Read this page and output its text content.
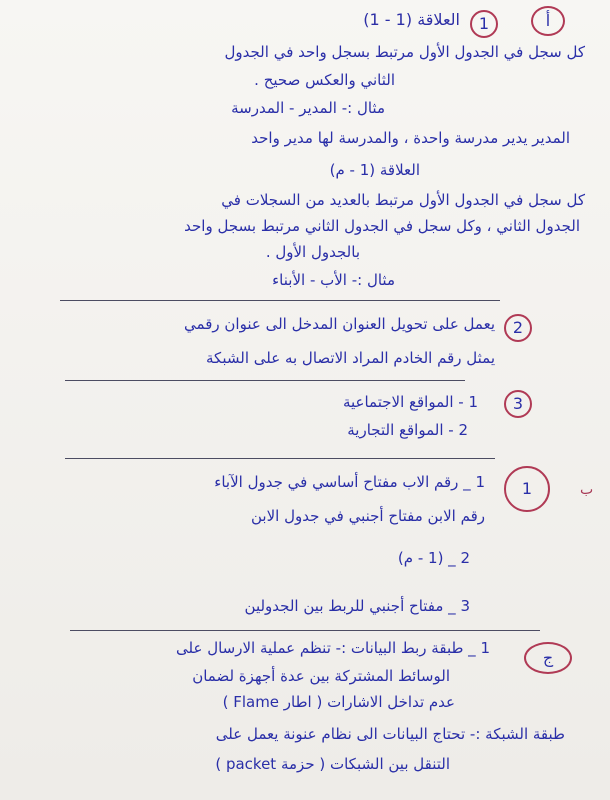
أ
1
العلاقة (1 - 1)
كل سجل في الجدول الأول مرتبط بسجل واحد في الجدول
الثاني والعكس صحيح .
مثال :- المدير - المدرسة
المدير يدير مدرسة واحدة ، والمدرسة لها مدير واحد
العلاقة (1 - م)
كل سجل في الجدول الأول مرتبط بالعديد من السجلات في
الجدول الثاني ، وكل سجل في الجدول الثاني مرتبط بسجل واحد
بالجدول الأول .
مثال :- الأب - الأبناء
2
يعمل على تحويل العنوان المدخل الى عنوان رقمي
يمثل رقم الخادم المراد الاتصال به على الشبكة
3
1 - المواقع الاجتماعية
2 - المواقع التجارية
ب
1
1 _ رقم الاب مفتاح أساسي في جدول الآباء
رقم الابن مفتاح أجنبي في جدول الابن
2 _ (1 - م)
3 _ مفتاح أجنبي للربط بين الجدولين
ج
1 _ طبقة ربط البيانات :- تنظم عملية الارسال على
الوسائط المشتركة بين عدة أجهزة لضمان
عدم تداخل الاشارات ( اطار Flame )
طبقة الشبكة :- تحتاج البيانات الى نظام عنونة يعمل على
التنقل بين الشبكات ( حزمة packet )
